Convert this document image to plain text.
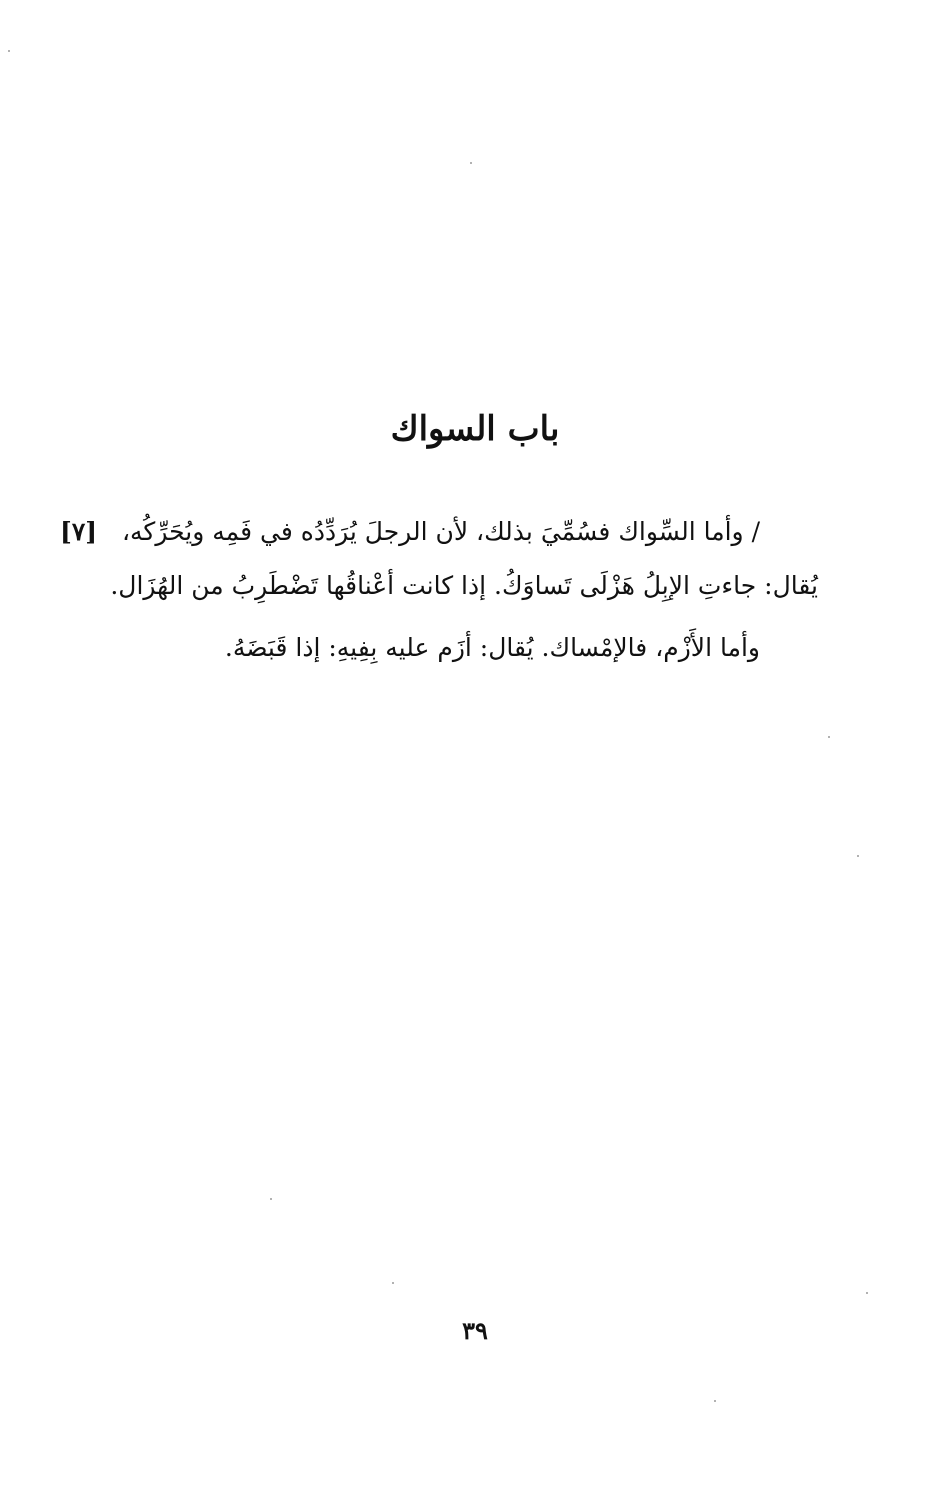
باب السواك
/ وأما السِّواك فسُمِّيَ بذلك، لأن الرجلَ يُرَدِّدُه في فَمِه ويُحَرِّكُه،
[٧]
يُقال: جاءتِ الإبِلُ هَزْلَى تَساوَكُ. إذا كانت أعْناقُها تَضْطَرِبُ من الهُزَال.
وأما الأَزْم، فالإمْساك. يُقال: أزَم عليه بِفِيهِ: إذا قَبَضَهُ.
٣٩
